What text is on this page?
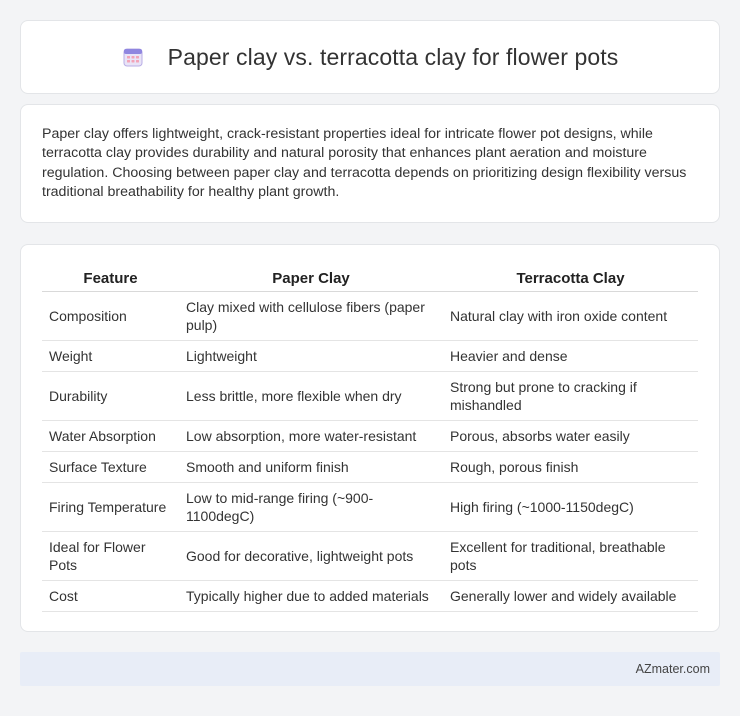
Paper clay vs. terracotta clay for flower pots

Paper clay offers lightweight, crack-resistant properties ideal for intricate flower pot designs, while terracotta clay provides durability and natural porosity that enhances plant aeration and moisture regulation. Choosing between paper clay and terracotta depends on prioritizing design flexibility versus traditional breathability for healthy plant growth.

Feature	Paper Clay	Terracotta Clay
Composition	Clay mixed with cellulose fibers (paper pulp)	Natural clay with iron oxide content
Weight	Lightweight	Heavier and dense
Durability	Less brittle, more flexible when dry	Strong but prone to cracking if mishandled
Water Absorption	Low absorption, more water-resistant	Porous, absorbs water easily
Surface Texture	Smooth and uniform finish	Rough, porous finish
Firing Temperature	Low to mid-range firing (~900-1100degC)	High firing (~1000-1150degC)
Ideal for Flower Pots	Good for decorative, lightweight pots	Excellent for traditional, breathable pots
Cost	Typically higher due to added materials	Generally lower and widely available
AZmater.com
